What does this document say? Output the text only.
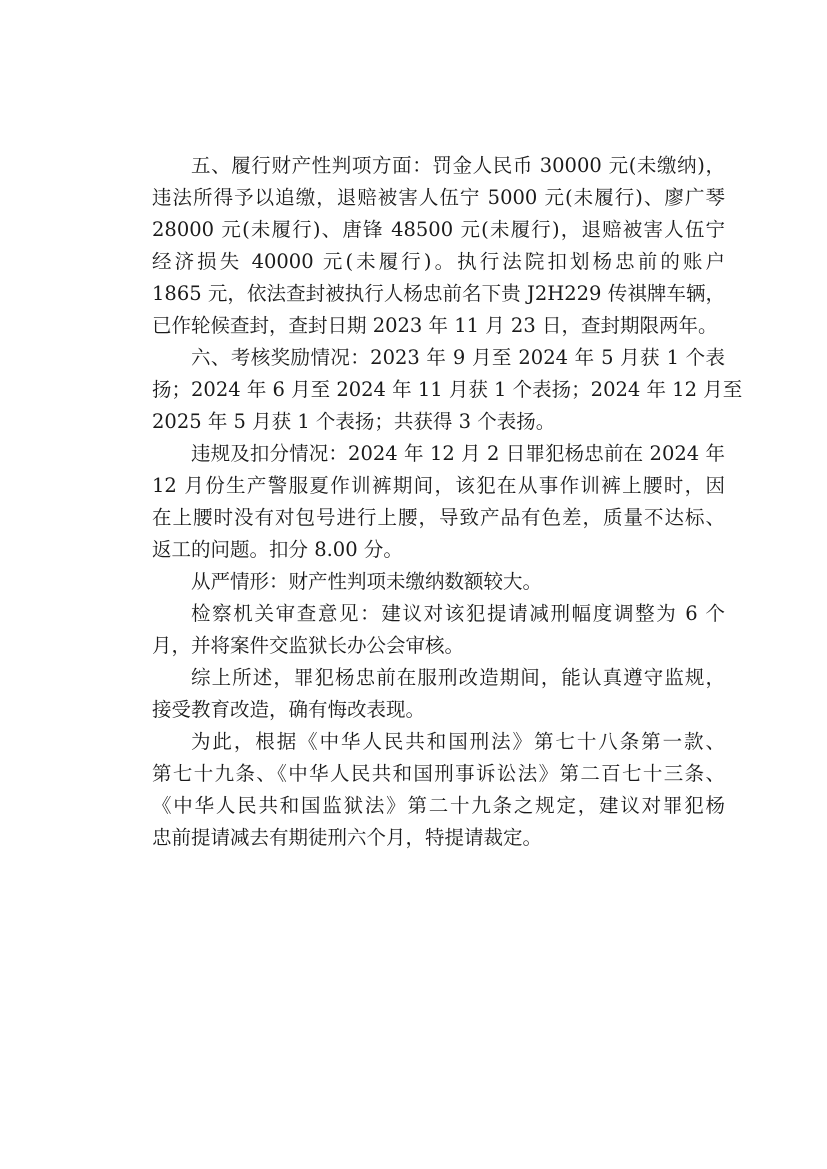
五、履行财产性判项方面：罚金人民币 30000 元(未缴纳)，
违法所得予以追缴，退赔被害人伍宁 5000 元(未履行)、廖广琴
28000 元(未履行)、唐锋 48500 元(未履行)，退赔被害人伍宁
经济损失 40000 元(未履行)。执行法院扣划杨忠前的账户
1865 元，依法查封被执行人杨忠前名下贵 J2H229 传祺牌车辆，
已作轮候查封，查封日期 2023 年 11 月 23 日，查封期限两年。
六、考核奖励情况：2023 年 9 月至 2024 年 5 月获 1 个表
扬；2024 年 6 月至 2024 年 11 月获 1 个表扬；2024 年 12 月至
2025 年 5 月获 1 个表扬；共获得 3 个表扬。
违规及扣分情况：2024 年 12 月 2 日罪犯杨忠前在 2024 年
12 月份生产警服夏作训裤期间，该犯在从事作训裤上腰时，因
在上腰时没有对包号进行上腰，导致产品有色差，质量不达标、
返工的问题。扣分 8.00 分。
从严情形：财产性判项未缴纳数额较大。
检察机关审查意见：建议对该犯提请减刑幅度调整为 6 个
月，并将案件交监狱长办公会审核。
综上所述，罪犯杨忠前在服刑改造期间，能认真遵守监规，
接受教育改造，确有悔改表现。
为此，根据《中华人民共和国刑法》第七十八条第一款、
第七十九条、《中华人民共和国刑事诉讼法》第二百七十三条、
《中华人民共和国监狱法》第二十九条之规定，建议对罪犯杨
忠前提请减去有期徒刑六个月，特提请裁定。
